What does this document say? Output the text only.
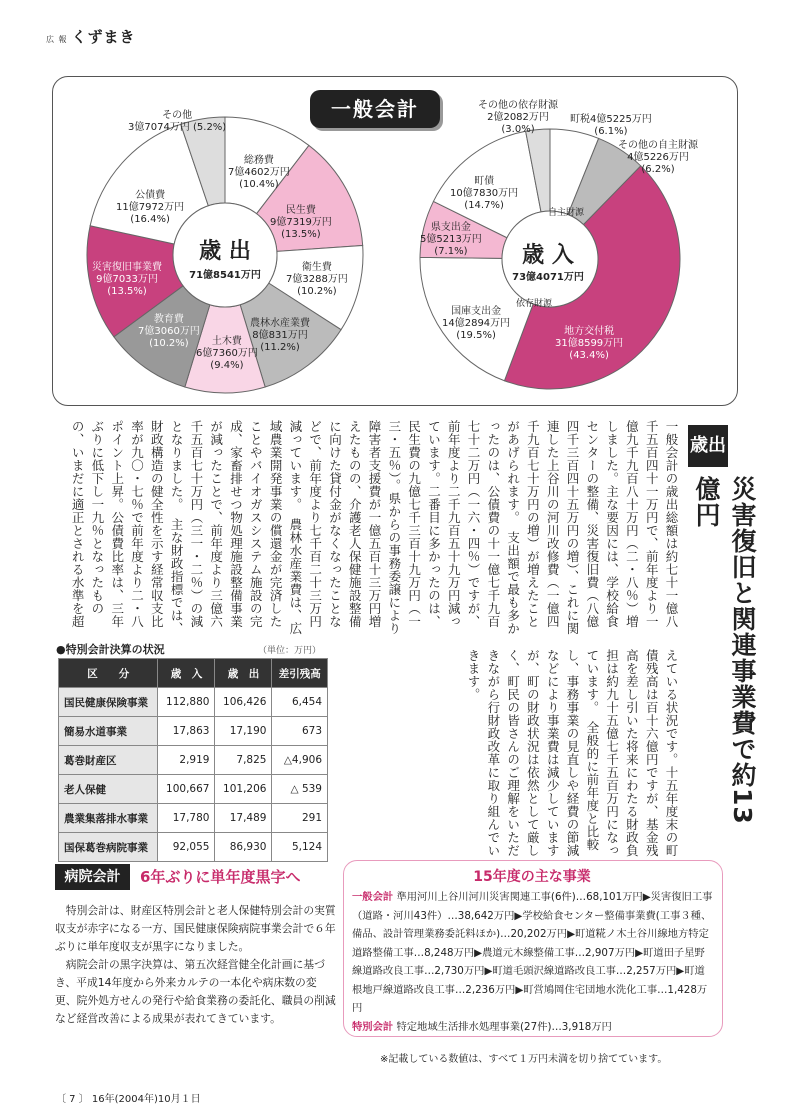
広 報 くずまき
一般会計
歳 出
71億8541万円
総務費
7億4602万円
(10.4%)
民生費
9億7319万円
(13.5%)
衛生費
7億3288万円
(10.2%)
農林水産業費
8億831万円
(11.2%)
土木費
6億7360万円
(9.4%)
教育費
7億3060万円
(10.2%)
災害復旧事業費
9億7033万円
(13.5%)
公債費
11億7972万円
(16.4%)
その他
3億7074万円 (5.2%)
歳 入
73億4071万円
自主財源
依存財源
町税4億5225万円
(6.1%)
その他の自主財源
4億5226万円
(6.2%)
地方交付税
31億8599万円
(43.4%)
国庫支出金
14億2894万円
(19.5%)
県支出金
5億5213万円
(7.1%)
町債
10億7830万円
(14.7%)
その他の依存財源
2億2082万円
(3.0%)
歳出
災害復旧と関連事業費で約13億円
一般会計の歳出総額は約七十一億八千五百四十一万円で、前年度より一億九千九百八十万円（二・八％）増しました。主な要因には、学校給食センターの整備、災害復旧費（八億四千三百四十五万円の増）、これに関連した上谷川の河川改修費（一億四千九百七十万円の増）が増えたことがあげられます。　支出額で最も多かったのは、公債費の十一億七千九百七十二万円（一六・四％）ですが、前年度より二千九百五十九万円減っています。二番目に多かったのは、民生費の九億七千三百十九万円（一三・五％）。県からの事務委譲により障害者支援費が一億五百十三万円増えたものの、介護老人保健施設整備に向けた貸付金がなくなったことなどで、前年度より七千百二十三万円減っています。　農林水産業費は、広域農業開発事業の償還金が完済したことやバイオガスシステム施設の完成、家畜排せつ物処理施設整備事業が減ったことで、前年度より三億六千五百七十万円（三一・二％）の減となりました。　主な財政指標では、財政構造の健全性を示す経常収支比率が九〇・七％で前年度より二・八ポイント上昇。公債費比率は、三年ぶりに低下し一九％となったものの、いまだに適正とされる水準を超えている状況です。十五年度末の町債残高は百十六億円ですが、基金残高を差し引いた将来にわたる財政負担は約九十五億七千五百万円になっています。　全般的に前年度と比較し、事務事業の見直しや経費の節減などにより事業費は減少していますが、町の財政状況は依然として厳しく、町民の皆さんのご理解をいただきながら行財政改革に取り組んでいきます。
●特別会計決算の状況	（単位：万円）
区　　分	歳　入	歳　出	差引残高
国民健康保険事業	112,880	106,426	6,454
簡易水道事業	17,863	17,190	673
葛巻財産区	2,919	7,825	△4,906
老人保健	100,667	101,206	△ 539
農業集落排水事業	17,780	17,489	291
国保葛巻病院事業	92,055	86,930	5,124
病院会計	6年ぶりに単年度黒字へ

特別会計は、財産区特別会計と老人保健特別会計の実質収支が赤字になる一方、国民健康保険病院事業会計で６年ぶりに単年度収支が黒字になりました。

病院会計の黒字決算は、第五次経営健全化計画に基づき、平成14年度から外来カルテの一本化や病床数の変更、院外処方せんの発行や給食業務の委託化、職員の削減など経営改善による成果が表れてきています。

15年度の主な事業
一般会計 準用河川上谷川河川災害関連工事(6件)…68,101万円▶災害復旧工事（道路・河川43件）…38,642万円▶学校給食センター整備事業費(工事３種、備品、設計管理業務委託料ほか)…20,202万円▶町道糀ノ木土谷川線地方特定道路整備工事…8,248万円▶農道元木線整備工事…2,907万円▶町道田子星野線道路改良工事…2,730万円▶町道毛頭沢線道路改良工事…2,257万円▶町道根地戸線道路改良工事…2,236万円▶町営鳩岡住宅団地水洗化工事…1,428万円
特別会計 特定地域生活排水処理事業(27件)…3,918万円
※記載している数値は、すべて１万円未満を切り捨てています。
〔 7 〕 16年(2004年)10月１日
